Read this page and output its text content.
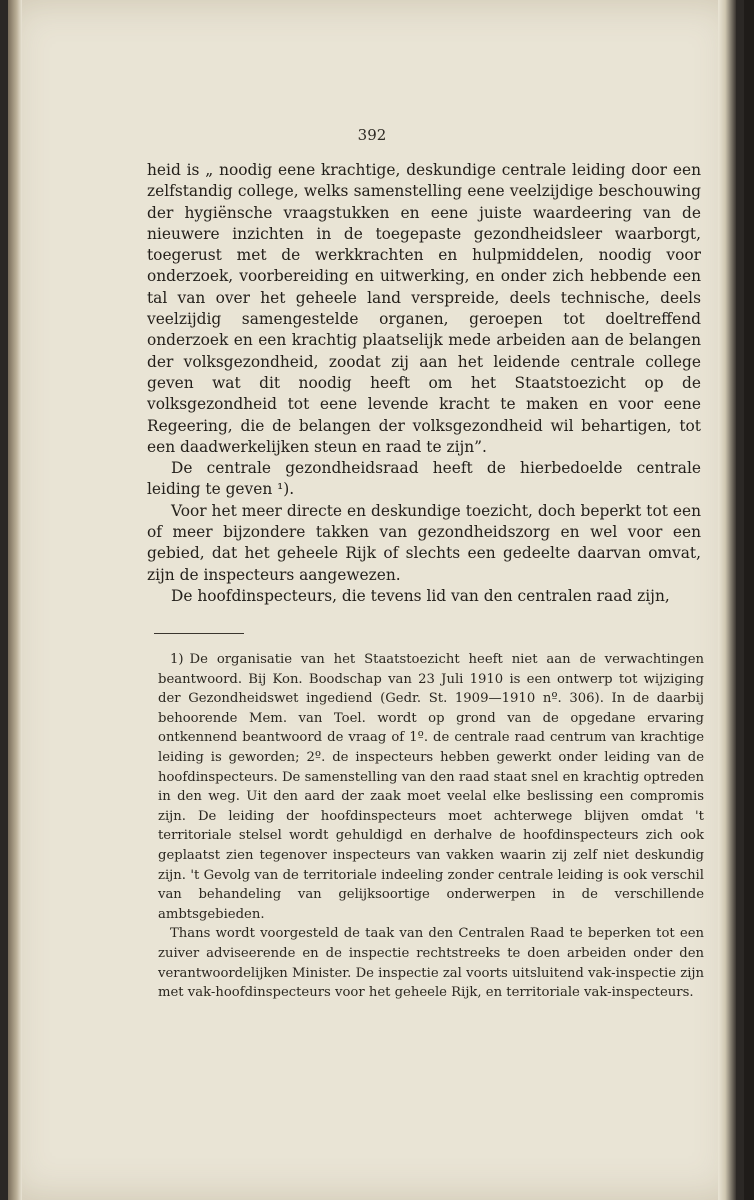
392

heid is „ noodig eene krachtige, deskundige centrale leiding door een zelfstandig college, welks samenstelling eene veelzijdige beschouwing der hygiënsche vraagstukken en eene juiste waardeering van de nieuwere inzichten in de toegepaste gezondheidsleer waarborgt, toegerust met de werkkrachten en hulpmiddelen, noodig voor onderzoek, voorbereiding en uitwerking, en onder zich hebbende een tal van over het geheele land verspreide, deels technische, deels veelzijdig samengestelde organen, geroepen tot doeltreffend onderzoek en een krachtig plaatselijk mede arbeiden aan de belangen der volksgezondheid, zoodat zij aan het leidende centrale college geven wat dit noodig heeft om het Staatstoezicht op de volksgezondheid tot eene levende kracht te maken en voor eene Regeering, die de belangen der volksgezondheid wil behartigen, tot een daadwerkelijken steun en raad te zijn”.

De centrale gezondheidsraad heeft de hierbedoelde centrale leiding te geven ¹).

Voor het meer directe en deskundige toezicht, doch beperkt tot een of meer bijzondere takken van gezondheidszorg en wel voor een gebied, dat het geheele Rijk of slechts een gedeelte daarvan omvat, zijn de inspecteurs aangewezen.

De hoofdinspecteurs, die tevens lid van den centralen raad zijn,

1) De organisatie van het Staatstoezicht heeft niet aan de verwachtingen beantwoord. Bij Kon. Boodschap van 23 Juli 1910 is een ontwerp tot wijziging der Gezondheidswet ingediend (Gedr. St. 1909—1910 nº. 306). In de daarbij behoorende Mem. van Toel. wordt op grond van de opgedane ervaring ontkennend beantwoord de vraag of 1º. de centrale raad centrum van krachtige leiding is geworden; 2º. de inspecteurs hebben gewerkt onder leiding van de hoofdinspecteurs. De samenstelling van den raad staat snel en krachtig optreden in den weg. Uit den aard der zaak moet veelal elke beslissing een compromis zijn. De leiding der hoofdinspecteurs moet achterwege blijven omdat 't territoriale stelsel wordt gehuldigd en derhalve de hoofdinspecteurs zich ook geplaatst zien tegenover inspecteurs van vakken waarin zij zelf niet deskundig zijn. 't Gevolg van de territoriale indeeling zonder centrale leiding is ook verschil van behandeling van gelijksoortige onderwerpen in de verschillende ambtsgebieden.

Thans wordt voorgesteld de taak van den Centralen Raad te beperken tot een zuiver adviseerende en de inspectie rechtstreeks te doen arbeiden onder den verantwoordelijken Minister. De inspectie zal voorts uitsluitend vak-inspectie zijn met vak-hoofdinspecteurs voor het geheele Rijk, en territoriale vak-inspecteurs.
